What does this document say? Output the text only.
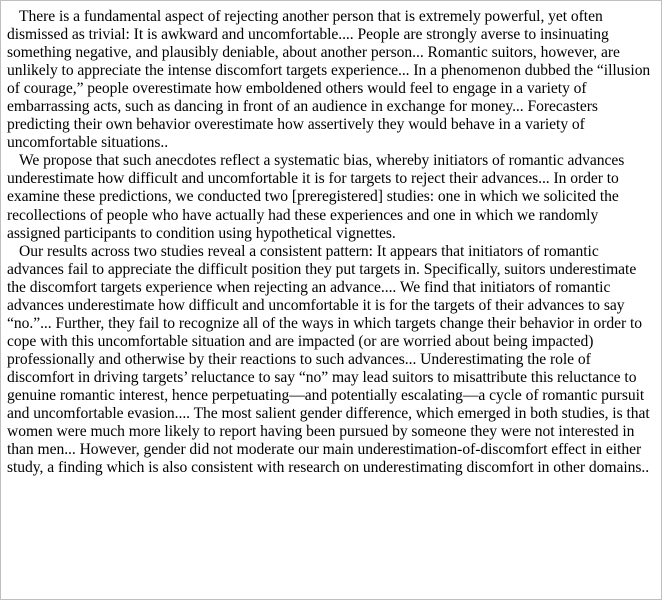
There is a fundamental aspect of rejecting another person that is extremely powerful, yet often dismissed as trivial: It is awkward and uncomfortable.... People are strongly averse to insinuating something negative, and plausibly deniable, about another person... Romantic suitors, however, are unlikely to appreciate the intense discomfort targets experience... In a phenomenon dubbed the “illusion of courage,” people overestimate how emboldened others would feel to engage in a variety of embarrassing acts, such as dancing in front of an audience in exchange for money... Forecasters predicting their own behavior overestimate how assertively they would behave in a variety of uncomfortable situations..

We propose that such anecdotes reflect a systematic bias, whereby initiators of romantic advances underestimate how difficult and uncomfortable it is for targets to reject their advances... In order to examine these predictions, we conducted two [preregistered] studies: one in which we solicited the recollections of people who have actually had these experiences and one in which we randomly assigned participants to condition using hypothetical vignettes.

Our results across two studies reveal a consistent pattern: It appears that initiators of romantic advances fail to appreciate the difficult position they put targets in. Specifically, suitors underestimate the discomfort targets experience when rejecting an advance.... We find that initiators of romantic advances underestimate how difficult and uncomfortable it is for the targets of their advances to say “no.”... Further, they fail to recognize all of the ways in which targets change their behavior in order to cope with this uncomfortable situation and are impacted (or are worried about being impacted) professionally and otherwise by their reactions to such advances... Underestimating the role of discomfort in driving targets’ reluctance to say “no” may lead suitors to misattribute this reluctance to genuine romantic interest, hence perpetuating—and potentially escalating—a cycle of romantic pursuit and uncomfortable evasion.... The most salient gender difference, which emerged in both studies, is that women were much more likely to report having been pursued by someone they were not interested in than men... However, gender did not moderate our main underestimation-of-discomfort effect in either study, a finding which is also consistent with research on underestimating discomfort in other domains..
